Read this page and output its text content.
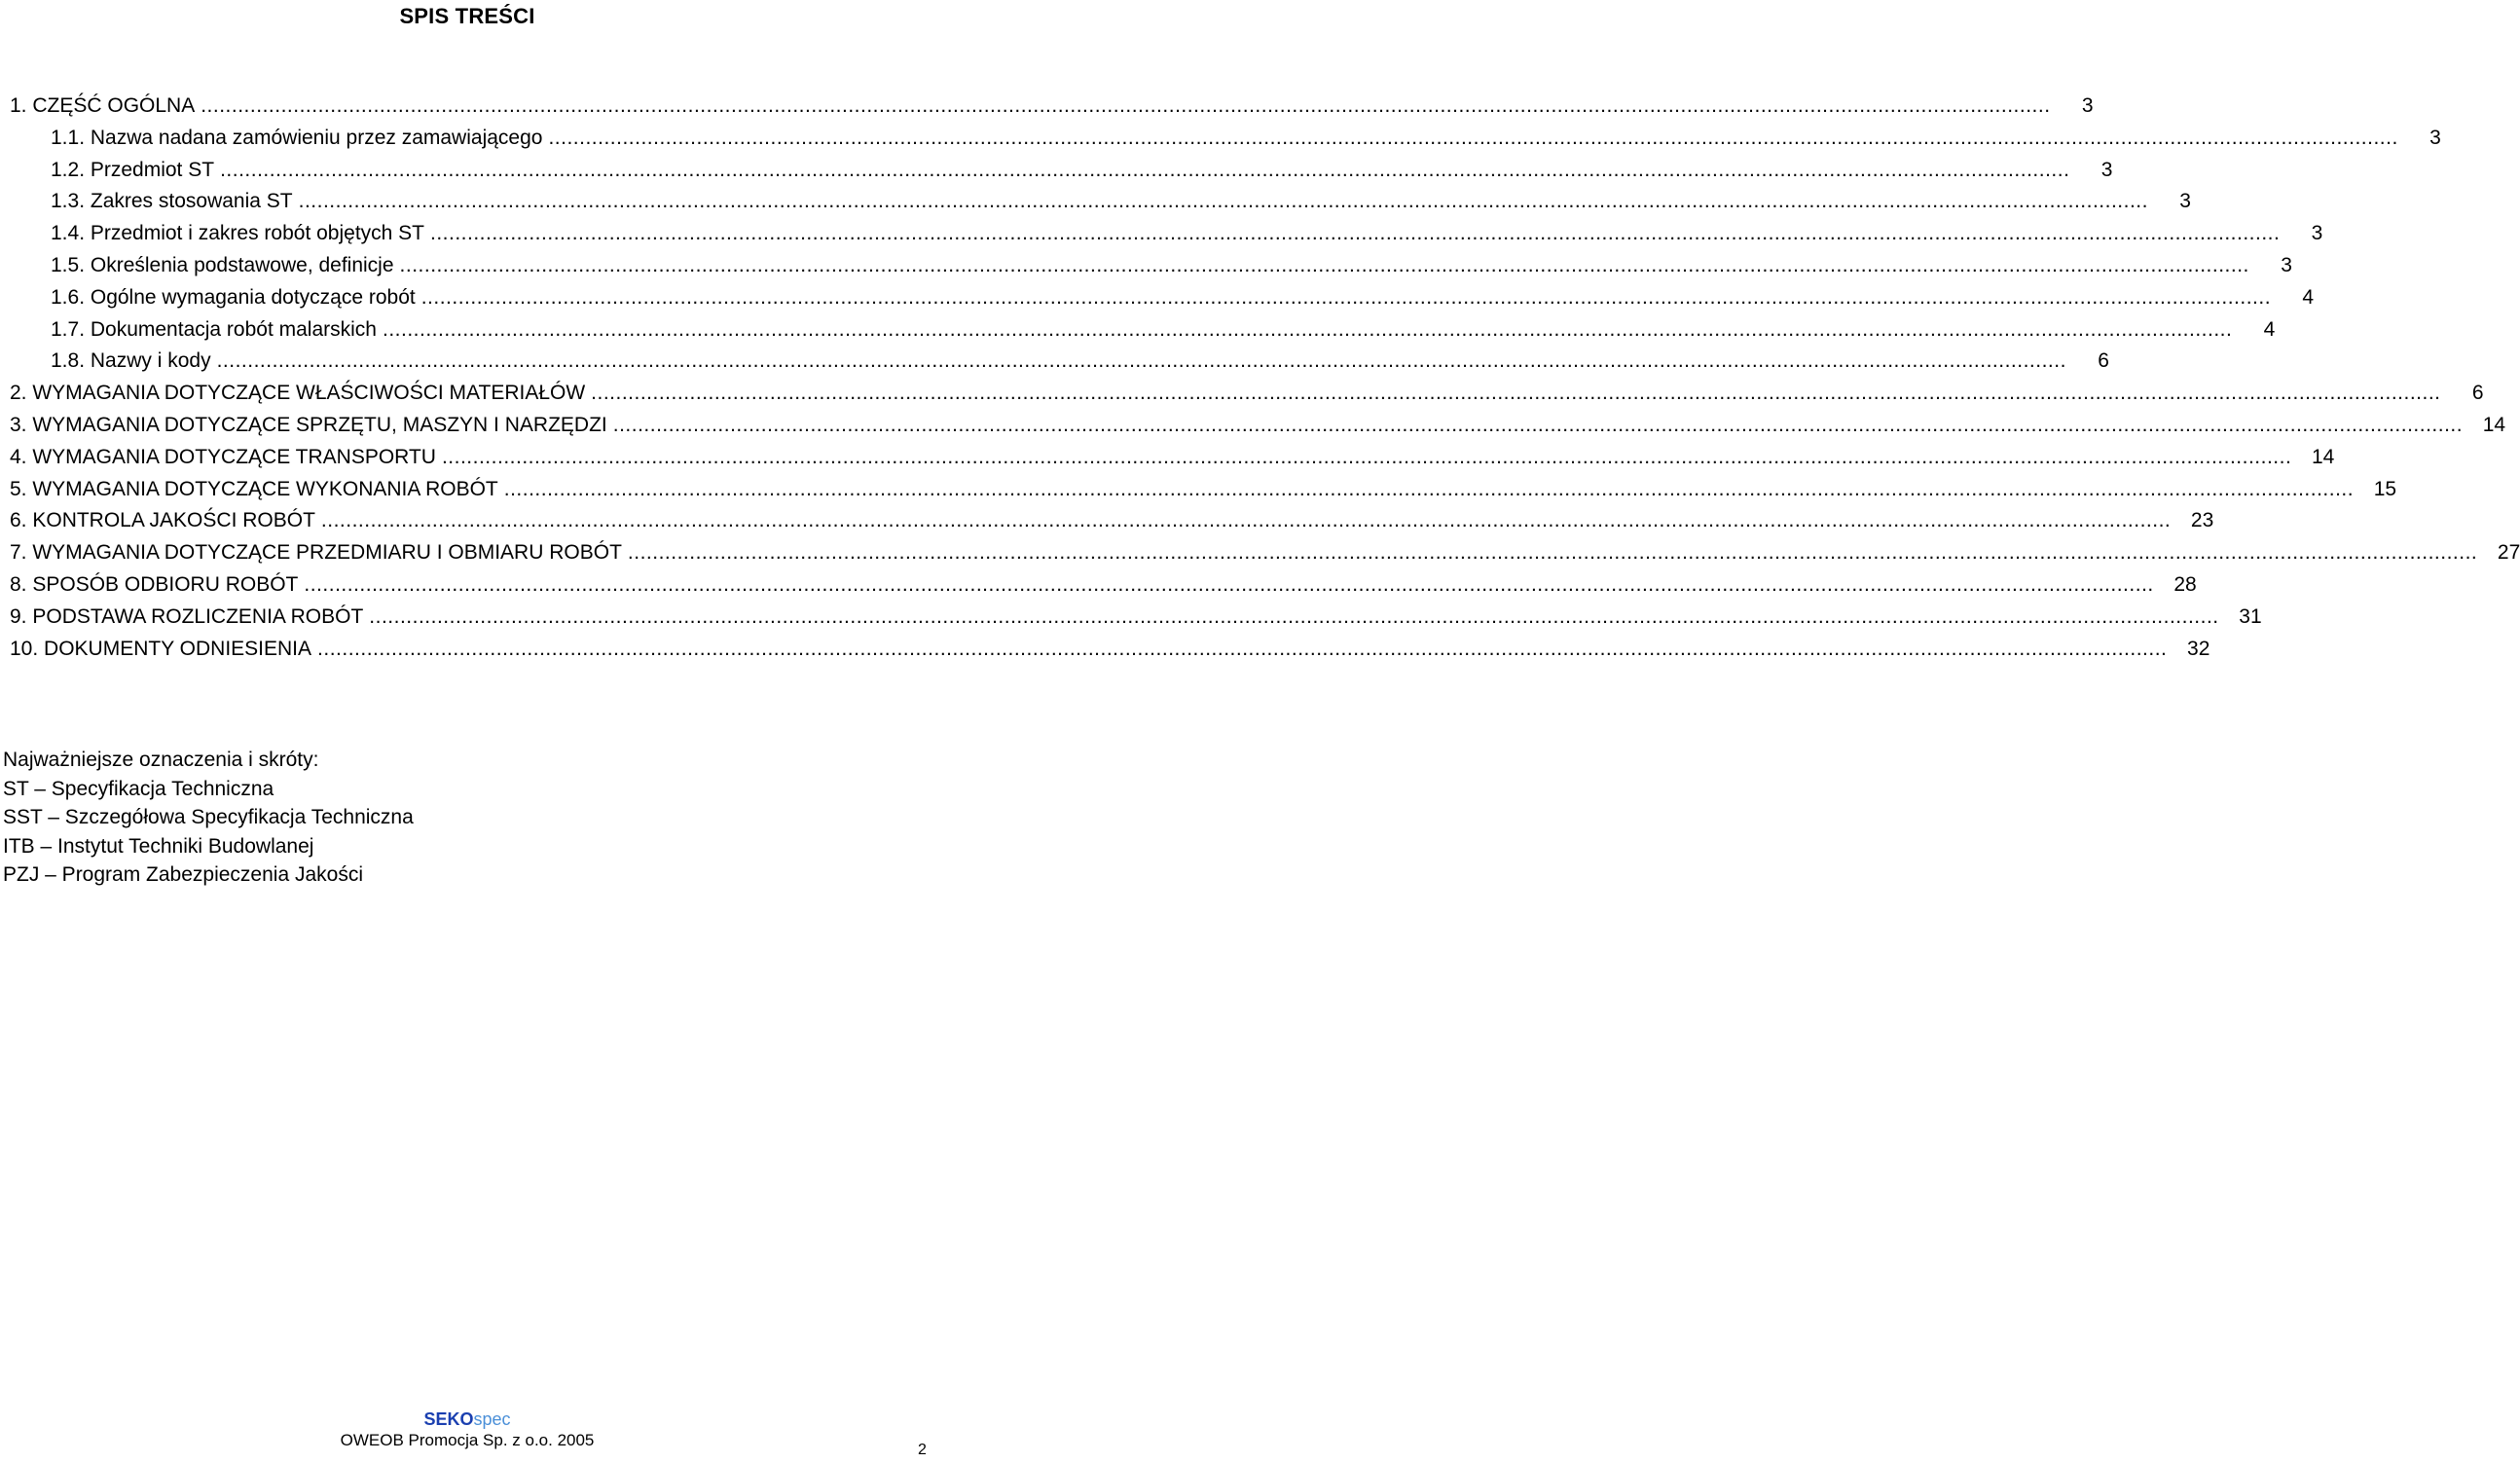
SPIS TREŚCI
1. CZĘŚĆ OGÓLNA ............................................................................................................................................................................................................................................................................................................	3
1.1. Nazwa nadana zamówieniu przez zamawiającego ............................................................................................................................................................................................................................................................................................................	3
1.2. Przedmiot ST ............................................................................................................................................................................................................................................................................................................	3
1.3. Zakres stosowania ST ............................................................................................................................................................................................................................................................................................................	3
1.4. Przedmiot i zakres robót objętych ST ............................................................................................................................................................................................................................................................................................................	3
1.5. Określenia podstawowe, definicje ............................................................................................................................................................................................................................................................................................................	3
1.6. Ogólne wymagania dotyczące robót ............................................................................................................................................................................................................................................................................................................	4
1.7. Dokumentacja robót malarskich ............................................................................................................................................................................................................................................................................................................	4
1.8. Nazwy i kody ............................................................................................................................................................................................................................................................................................................	6
2. WYMAGANIA DOTYCZĄCE WŁAŚCIWOŚCI MATERIAŁÓW ............................................................................................................................................................................................................................................................................................................	6
3. WYMAGANIA DOTYCZĄCE SPRZĘTU, MASZYN I NARZĘDZI ............................................................................................................................................................................................................................................................................................................ 14
4. WYMAGANIA DOTYCZĄCE TRANSPORTU ............................................................................................................................................................................................................................................................................................................ 14
5. WYMAGANIA DOTYCZĄCE WYKONANIA ROBÓT ............................................................................................................................................................................................................................................................................................................ 15
6. KONTROLA JAKOŚCI ROBÓT ............................................................................................................................................................................................................................................................................................................ 23
7. WYMAGANIA DOTYCZĄCE PRZEDMIARU I OBMIARU ROBÓT ............................................................................................................................................................................................................................................................................................................ 27
8. SPOSÓB ODBIORU ROBÓT ............................................................................................................................................................................................................................................................................................................ 28
9. PODSTAWA ROZLICZENIA ROBÓT ............................................................................................................................................................................................................................................................................................................ 31
10. DOKUMENTY ODNIESIENIA ............................................................................................................................................................................................................................................................................................................ 32
Najważniejsze oznaczenia i skróty:
ST – Specyfikacja Techniczna
SST – Szczegółowa Specyfikacja Techniczna
ITB – Instytut Techniki Budowlanej
PZJ – Program Zabezpieczenia Jakości
SEKOspec
OWEOB Promocja Sp. z o.o. 2005
2
